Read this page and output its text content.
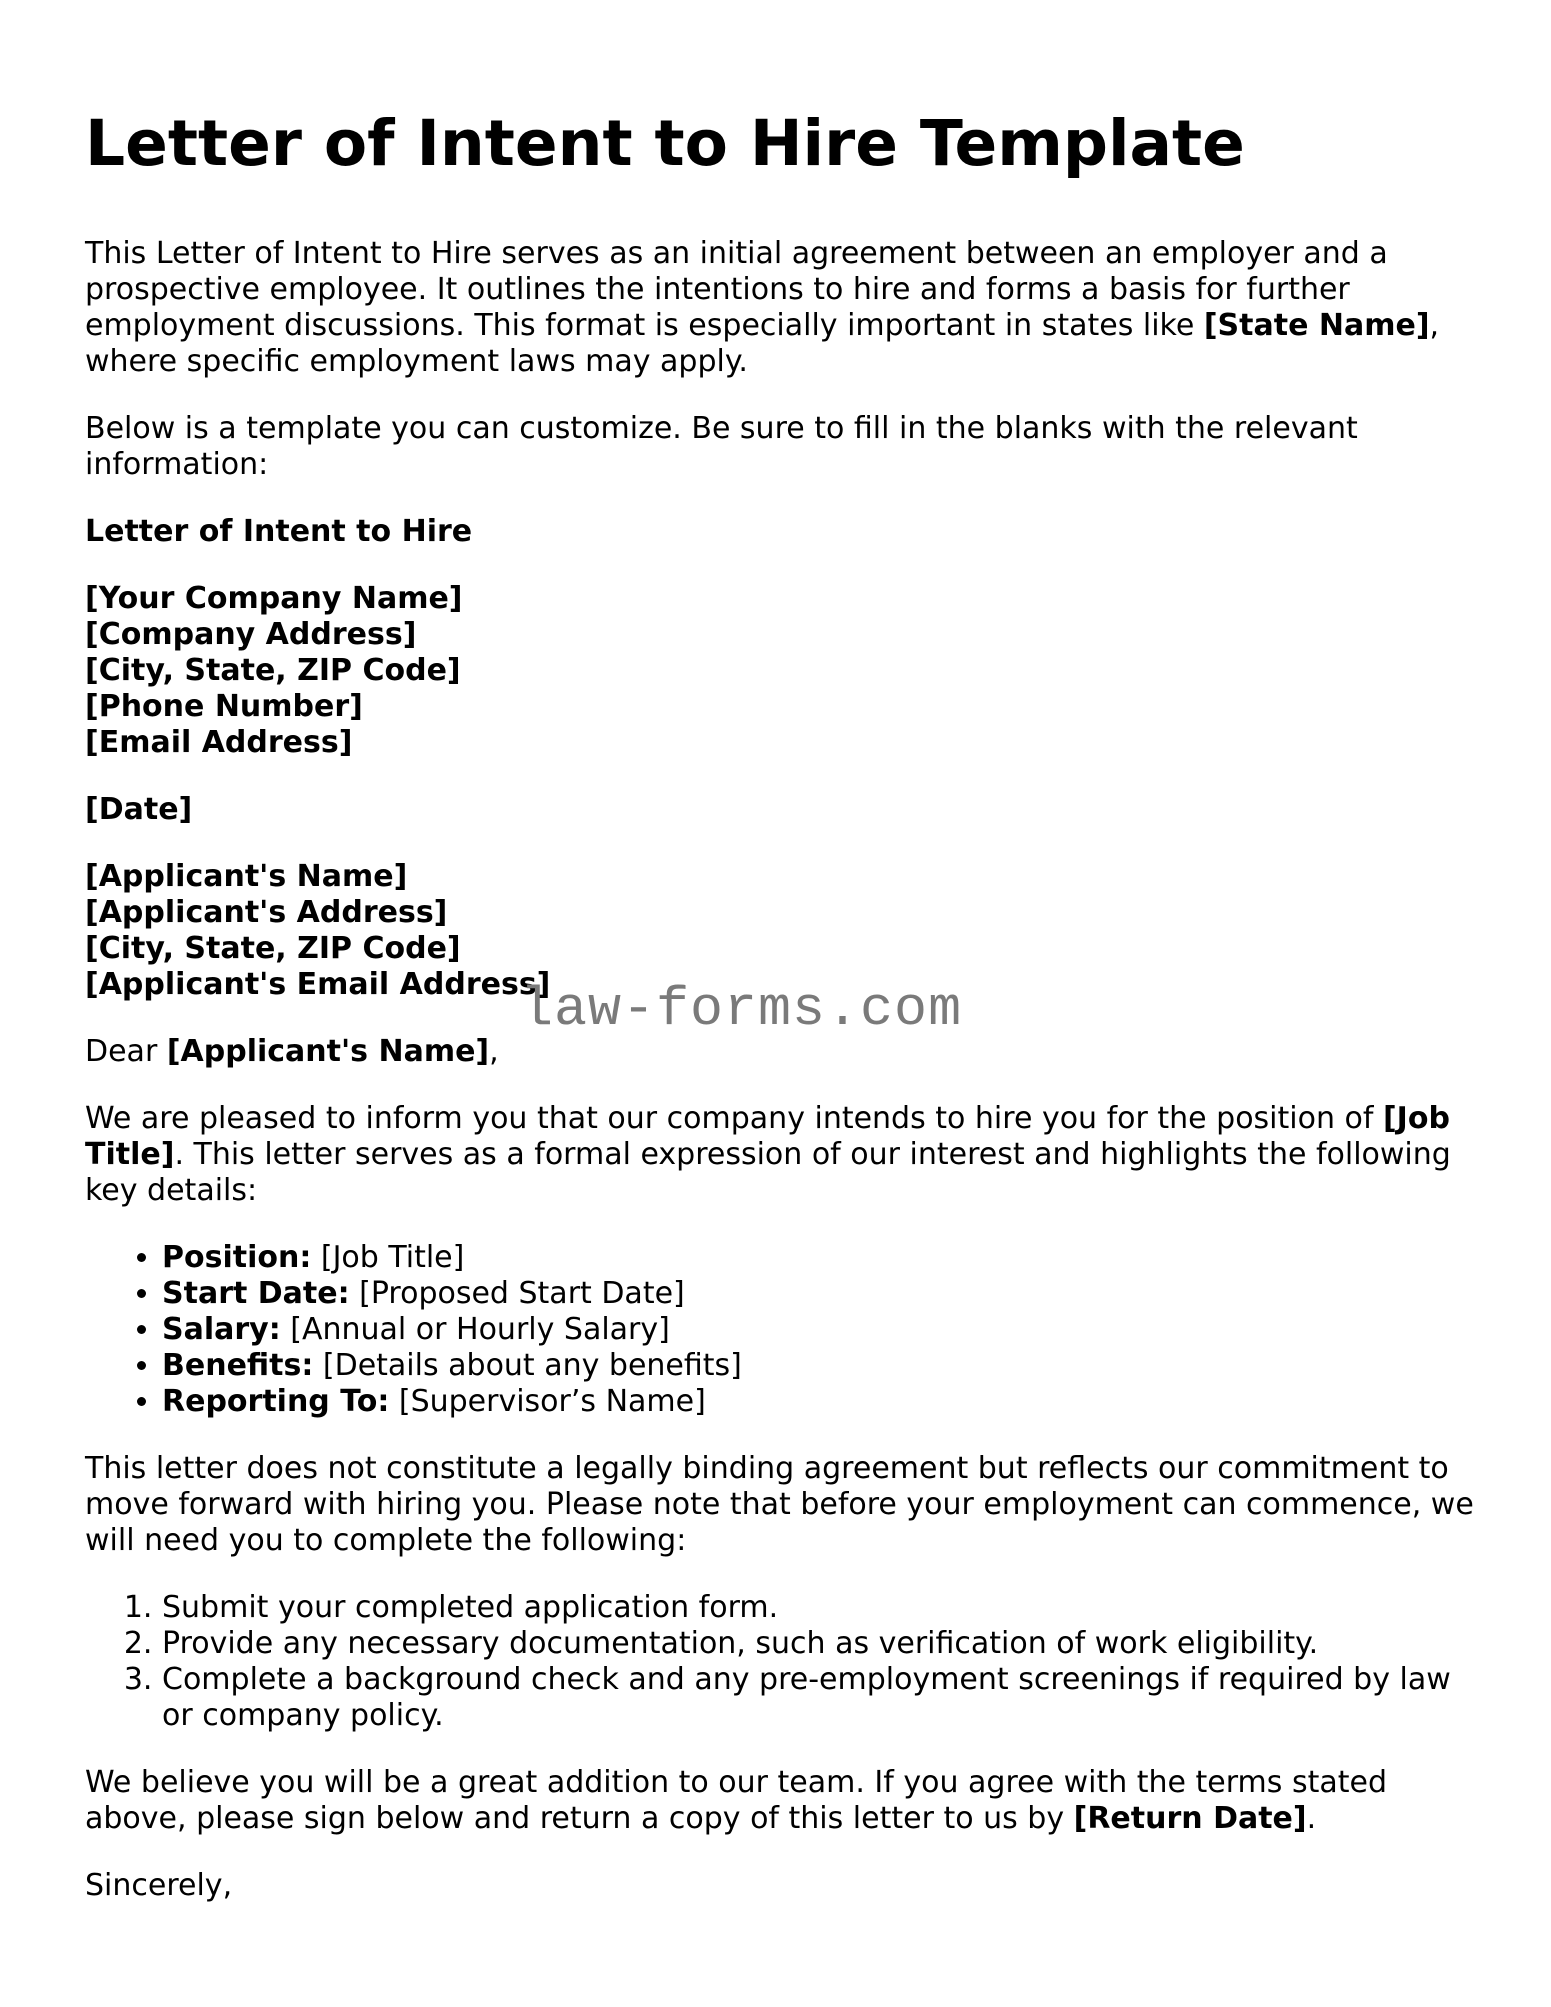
Letter of Intent to Hire Template

This Letter of Intent to Hire serves as an initial agreement between an employer and a prospective employee. It outlines the intentions to hire and forms a basis for further employment discussions. This format is especially important in states like [State Name], where specific employment laws may apply.

Below is a template you can customize. Be sure to fill in the blanks with the relevant information:

Letter of Intent to Hire

[Your Company Name]
[Company Address]
[City, State, ZIP Code]
[Phone Number]
[Email Address]
[Date]
[Applicant's Name]
[Applicant's Address]
[City, State, ZIP Code]
[Applicant's Email Address]

Dear [Applicant's Name],

We are pleased to inform you that our company intends to hire you for the position of [Job Title]. This letter serves as a formal expression of our interest and highlights the following key details:

• Position: [Job Title]
• Start Date: [Proposed Start Date]
• Salary: [Annual or Hourly Salary]
• Benefits: [Details about any benefits]
• Reporting To: [Supervisor’s Name]

This letter does not constitute a legally binding agreement but reflects our commitment to move forward with hiring you. Please note that before your employment can commence, we will need you to complete the following:

1. Submit your completed application form.
2. Provide any necessary documentation, such as verification of work eligibility.
3. Complete a background check and any pre-employment screenings if required by law or company policy.

We believe you will be a great addition to our team. If you agree with the terms stated above, please sign below and return a copy of this letter to us by [Return Date].

Sincerely,

law-forms.com
